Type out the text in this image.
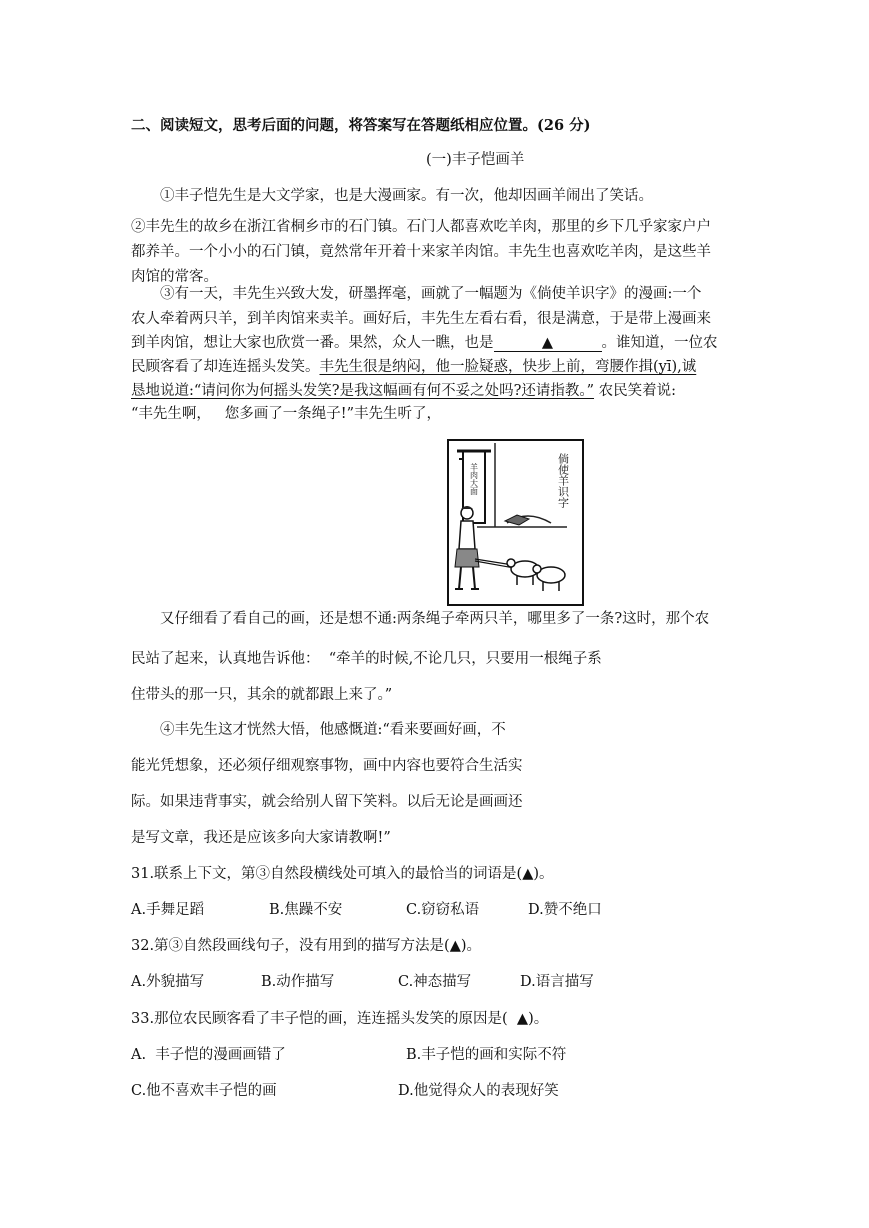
二、阅读短文，思考后面的问题，将答案写在答题纸相应位置。(26 分)
(一)丰子恺画羊
①丰子恺先生是大文学家，也是大漫画家。有一次，他却因画羊闹出了笑话。
②丰先生的故乡在浙江省桐乡市的石门镇。石门人都喜欢吃羊肉，那里的乡下几乎家家户户
都养羊。一个小小的石门镇，竟然常年开着十来家羊肉馆。丰先生也喜欢吃羊肉，是这些羊
肉馆的常客。
③有一天，丰先生兴致大发，研墨挥毫，画就了一幅题为《倘使羊识字》的漫画:一个
农人牵着两只羊，到羊肉馆来卖羊。画好后，丰先生左看右看，很是满意，于是带上漫画来
到羊肉馆，想让大家也欣赏一番。果然，众人一瞧，也是	▲	。谁知道，一位农
民顾客看了却连连摇头发笑。丰先生很是纳闷，他一脸疑惑，快步上前，弯腰作揖(yī),诚
恳地说道:“请问你为何摇头发笑?是我这幅画有何不妥之处吗?还请指教。” 农民笑着说:
“丰先生啊，   您多画了一条绳子!”丰先生听了，
羊肉大面	倘使羊识字
又仔细看了看自己的画，还是想不通:两条绳子牵两只羊，哪里多了一条?这时，那个农
民站了起来，认真地告诉他：  “牵羊的时候,不论几只，只要用一根绳子系
住带头的那一只，其余的就都跟上来了。”
④丰先生这才恍然大悟，他感慨道:“看来要画好画，不
能光凭想象，还必须仔细观察事物，画中内容也要符合生活实
际。如果违背事实，就会给别人留下笑料。以后无论是画画还
是写文章，我还是应该多向大家请教啊!”
31.联系上下文，第③自然段横线处可填入的最恰当的词语是(▲)。
A.手舞足蹈	B.焦躁不安	C.窃窃私语	D.赞不绝口
32.第③自然段画线句子，没有用到的描写方法是(▲)。
A.外貌描写	B.动作描写	C.神态描写	D.语言描写
33.那位农民顾客看了丰子恺的画，连连摇头发笑的原因是(  ▲)。
A.  丰子恺的漫画画错了	B.丰子恺的画和实际不符
C.他不喜欢丰子恺的画	D.他觉得众人的表现好笑
